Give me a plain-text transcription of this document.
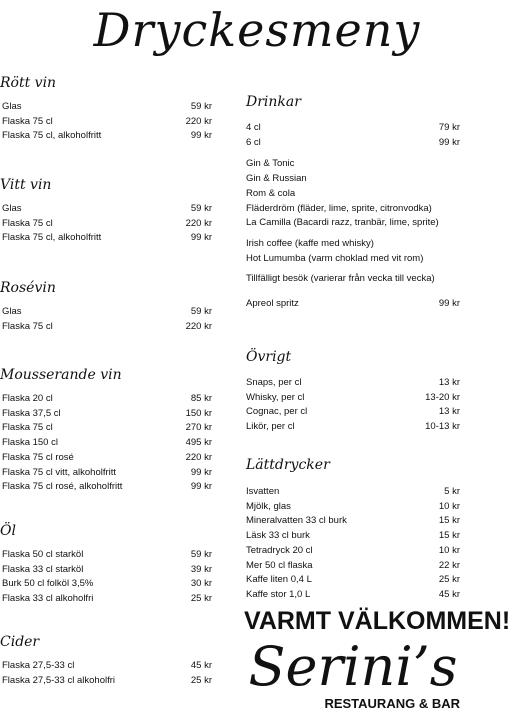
Dryckesmeny
Rött vin
Glas	59 kr
Flaska 75 cl	220 kr
Flaska 75 cl, alkoholfritt	99 kr
Vitt vin
Glas	59 kr
Flaska 75 cl	220 kr
Flaska 75 cl, alkoholfritt	99 kr
Rosévin
Glas	59 kr
Flaska 75 cl	220 kr
Mousserande vin
Flaska 20 cl	85 kr
Flaska 37,5 cl	150 kr
Flaska 75 cl	270 kr
Flaska 150 cl	495 kr
Flaska 75 cl rosé	220 kr
Flaska 75 cl vitt, alkoholfritt	99 kr
Flaska 75 cl rosé, alkoholfritt	99 kr
Öl
Flaska 50 cl starköl	59 kr
Flaska 33 cl starköl	39 kr
Burk 50 cl folköl 3,5%	30 kr
Flaska 33 cl alkoholfri	25 kr
Cider
Flaska 27,5-33 cl	45 kr
Flaska 27,5-33 cl alkoholfri	25 kr
Drinkar
4 cl	79 kr
6 cl	99 kr
Gin & Tonic
Gin & Russian
Rom & cola
Fläderdröm (fläder, lime, sprite, citronvodka)
La Camilla (Bacardi razz, tranbär, lime, sprite)
Irish coffee (kaffe med whisky)
Hot Lumumba (varm choklad med vit rom)
Tillfälligt besök (varierar från vecka till vecka)
Apreol spritz	99 kr
Övrigt
Snaps, per cl	13 kr
Whisky, per cl	13-20 kr
Cognac, per cl	13 kr
Likör, per cl	10-13 kr
Lättdrycker
Isvatten	5 kr
Mjölk, glas	10 kr
Mineralvatten 33 cl burk	15 kr
Läsk 33 cl burk	15 kr
Tetradryck 20 cl	10 kr
Mer 50 cl flaska	22 kr
Kaffe liten 0,4 L	25 kr
Kaffe stor 1,0 L	45 kr
VARMT VÄLKOMMEN!
Serini’s
RESTAURANG & BAR
